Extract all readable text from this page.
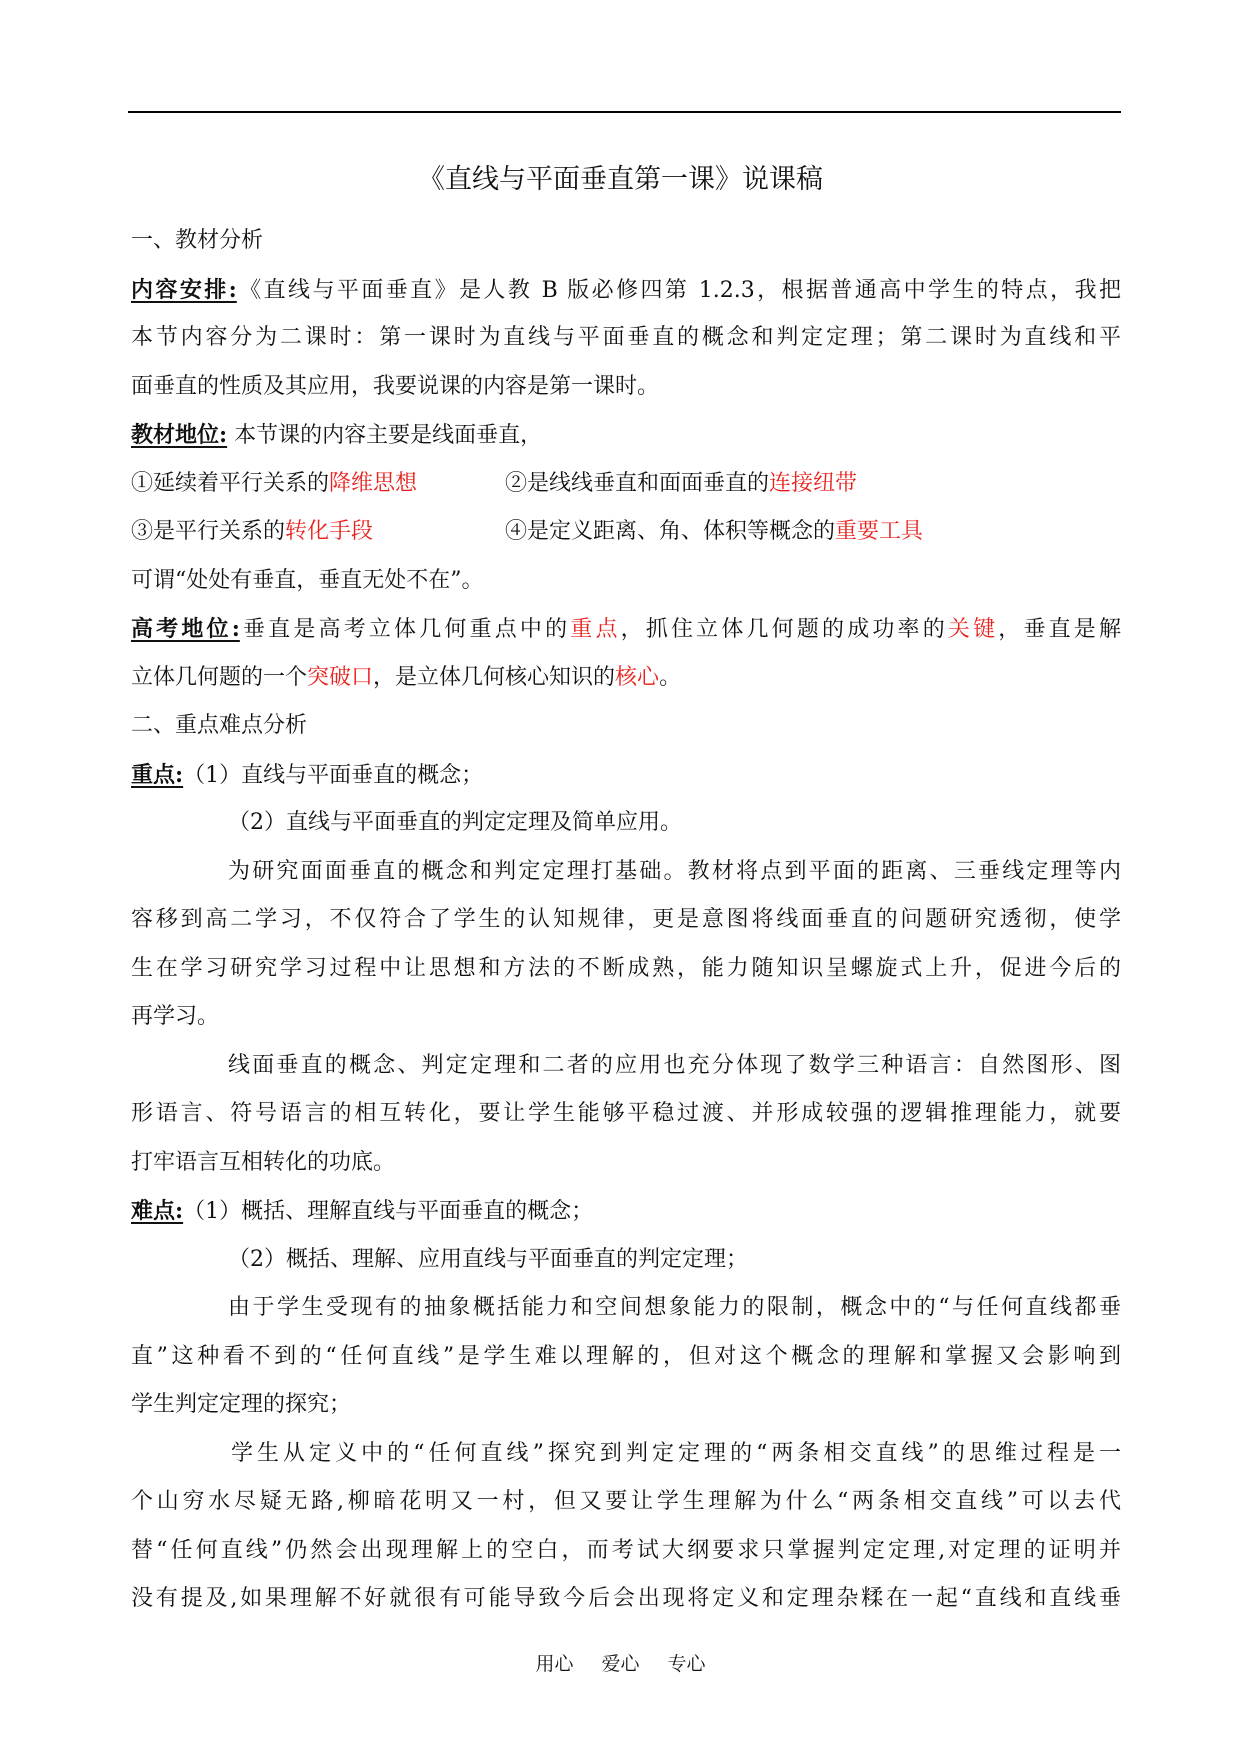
《直线与平面垂直第一课》说课稿
一、教材分析
内容安排:《直线与平面垂直》是人教 B 版必修四第 1.2.3，根据普通高中学生的特点，我把
本节内容分为二课时：第一课时为直线与平面垂直的概念和判定定理；第二课时为直线和平
面垂直的性质及其应用，我要说课的内容是第一课时。
教材地位: 本节课的内容主要是线面垂直，
①延续着平行关系的降维思想	②是线线垂直和面面垂直的连接纽带
③是平行关系的转化手段	④是定义距离、角、体积等概念的重要工具
可谓“处处有垂直，垂直无处不在”。
高考地位:垂直是高考立体几何重点中的重点，抓住立体几何题的成功率的关键，垂直是解
立体几何题的一个突破口，是立体几何核心知识的核心。
二、重点难点分析
重点:（1）直线与平面垂直的概念；
（2）直线与平面垂直的判定定理及简单应用。
为研究面面垂直的概念和判定定理打基础。教材将点到平面的距离、三垂线定理等内
容移到高二学习，不仅符合了学生的认知规律，更是意图将线面垂直的问题研究透彻，使学
生在学习研究学习过程中让思想和方法的不断成熟，能力随知识呈螺旋式上升，促进今后的
再学习。
线面垂直的概念、判定定理和二者的应用也充分体现了数学三种语言：自然图形、图
形语言、符号语言的相互转化，要让学生能够平稳过渡、并形成较强的逻辑推理能力，就要
打牢语言互相转化的功底。
难点:（1）概括、理解直线与平面垂直的概念；
（2）概括、理解、应用直线与平面垂直的判定定理；
由于学生受现有的抽象概括能力和空间想象能力的限制，概念中的“与任何直线都垂
直”这种看不到的“任何直线”是学生难以理解的，但对这个概念的理解和掌握又会影响到
学生判定定理的探究；
学生从定义中的“任何直线”探究到判定定理的“两条相交直线”的思维过程是一
个山穷水尽疑无路,柳暗花明又一村，但又要让学生理解为什么“两条相交直线”可以去代
替“任何直线”仍然会出现理解上的空白，而考试大纲要求只掌握判定定理,对定理的证明并
没有提及,如果理解不好就很有可能导致今后会出现将定义和定理杂糅在一起“直线和直线垂
用心 爱心 专心
